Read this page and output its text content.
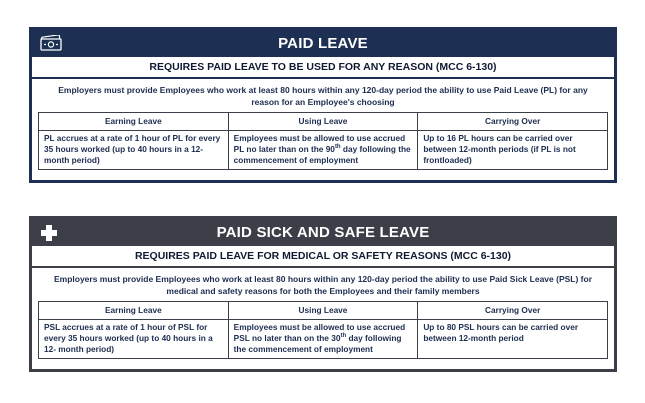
PAID LEAVE
REQUIRES PAID LEAVE TO BE USED FOR ANY REASON (MCC 6-130)
Employers must provide Employees who work at least 80 hours within any 120-day period the ability to use Paid Leave (PL) for any reason for an Employee's choosing
Earning Leave	Using Leave	Carrying Over
PL accrues at a rate of 1 hour of PL for every 35 hours worked (up to 40 hours in a 12- month period)	Employees must be allowed to use accrued PL no later than on the 90th day following the commencement of employment	Up to 16 PL hours can be carried over between 12-month periods (if PL is not frontloaded)
PAID SICK AND SAFE LEAVE
REQUIRES PAID LEAVE FOR MEDICAL OR SAFETY REASONS (MCC 6-130)
Employers must provide Employees who work at least 80 hours within any 120-day period the ability to use Paid Sick Leave (PSL) for medical and safety reasons for both the Employees and their family members
Earning Leave	Using Leave	Carrying Over
PSL accrues at a rate of 1 hour of PSL for every 35 hours worked (up to 40 hours in a 12- month period)	Employees must be allowed to use accrued PSL no later than on the 30th day following the commencement of employment	Up to 80 PSL hours can be carried over between 12-month period
